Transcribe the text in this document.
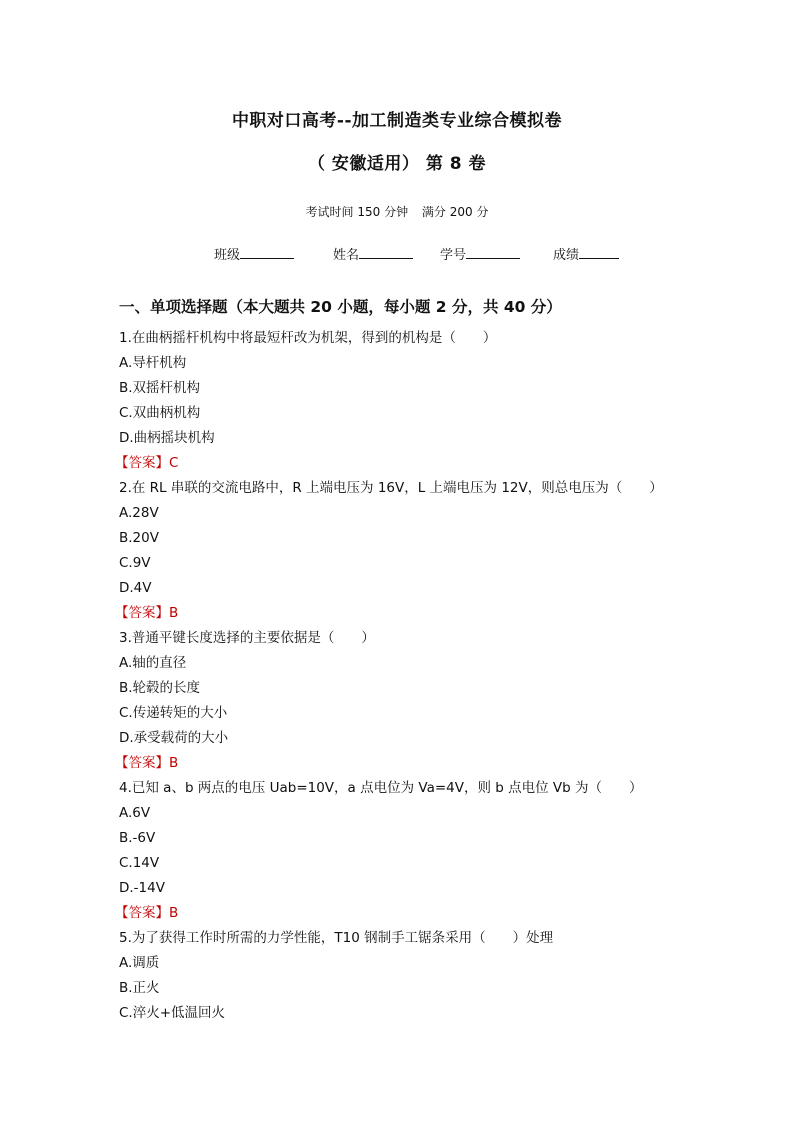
中职对口高考--加工制造类专业综合模拟卷
（ 安徽适用） 第 8 卷
考试时间 150 分钟 满分 200 分
班级	姓名	学号	成绩
一、单项选择题（本大题共 20 小题，每小题 2 分，共 40 分）
1.在曲柄摇杆机构中将最短杆改为机架，得到的机构是（　　）
A.导杆机构
B.双摇杆机构
C.双曲柄机构
D.曲柄摇块机构
【答案】C
2.在 RL 串联的交流电路中，R 上端电压为 16V，L 上端电压为 12V，则总电压为（　　）
A.28V
B.20V
C.9V
D.4V
【答案】B
3.普通平键长度选择的主要依据是（　　）
A.轴的直径
B.轮毂的长度
C.传递转矩的大小
D.承受载荷的大小
【答案】B
4.已知 a、b 两点的电压 Uab=10V，a 点电位为 Va=4V，则 b 点电位 Vb 为（　　）
A.6V
B.-6V
C.14V
D.-14V
【答案】B
5.为了获得工作时所需的力学性能，T10 钢制手工锯条采用（　　）处理
A.调质
B.正火
C.淬火+低温回火
